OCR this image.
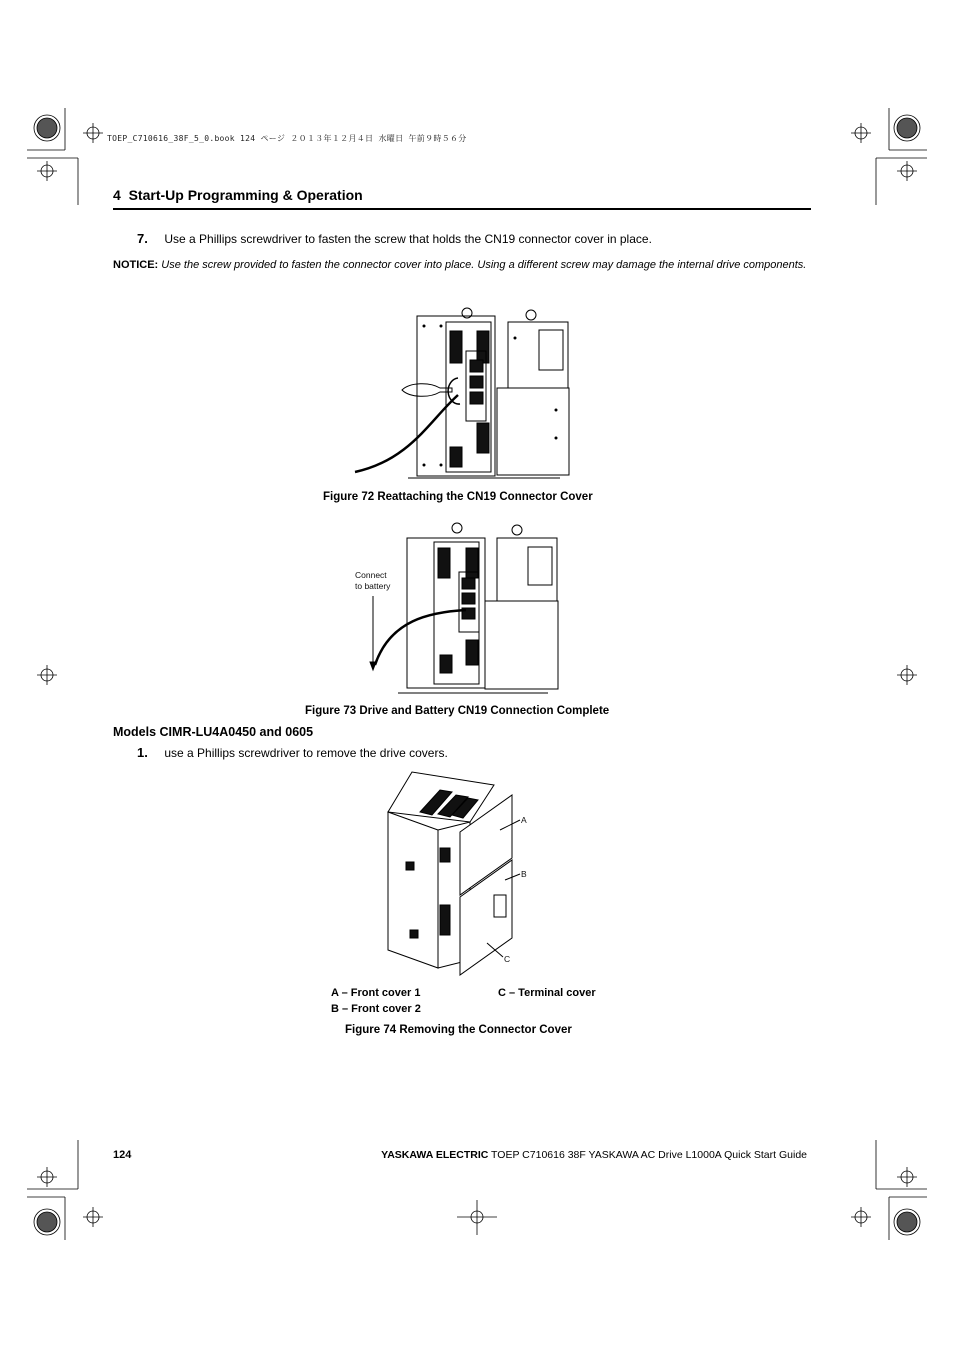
TOEP_C710616_38F_5_0.book 124 ページ ２０１３年１２月４日 水曜日 午前９時５６分
4 Start-Up Programming & Operation
7. Use a Phillips screwdriver to fasten the screw that holds the CN19 connector cover in place.
NOTICE: Use the screw provided to fasten the connector cover into place. Using a different screw may damage the internal drive components.
Figure 72 Reattaching the CN19 Connector Cover
Connect
to battery
Figure 73 Drive and Battery CN19 Connection Complete
Models CIMR-LU4A0450 and 0605
1. use a Phillips screwdriver to remove the drive covers.
A
B
C
A – Front cover 1	C – Terminal cover
B – Front cover 2
Figure 74 Removing the Connector Cover
124	YASKAWA ELECTRIC TOEP C710616 38F YASKAWA AC Drive L1000A Quick Start Guide
